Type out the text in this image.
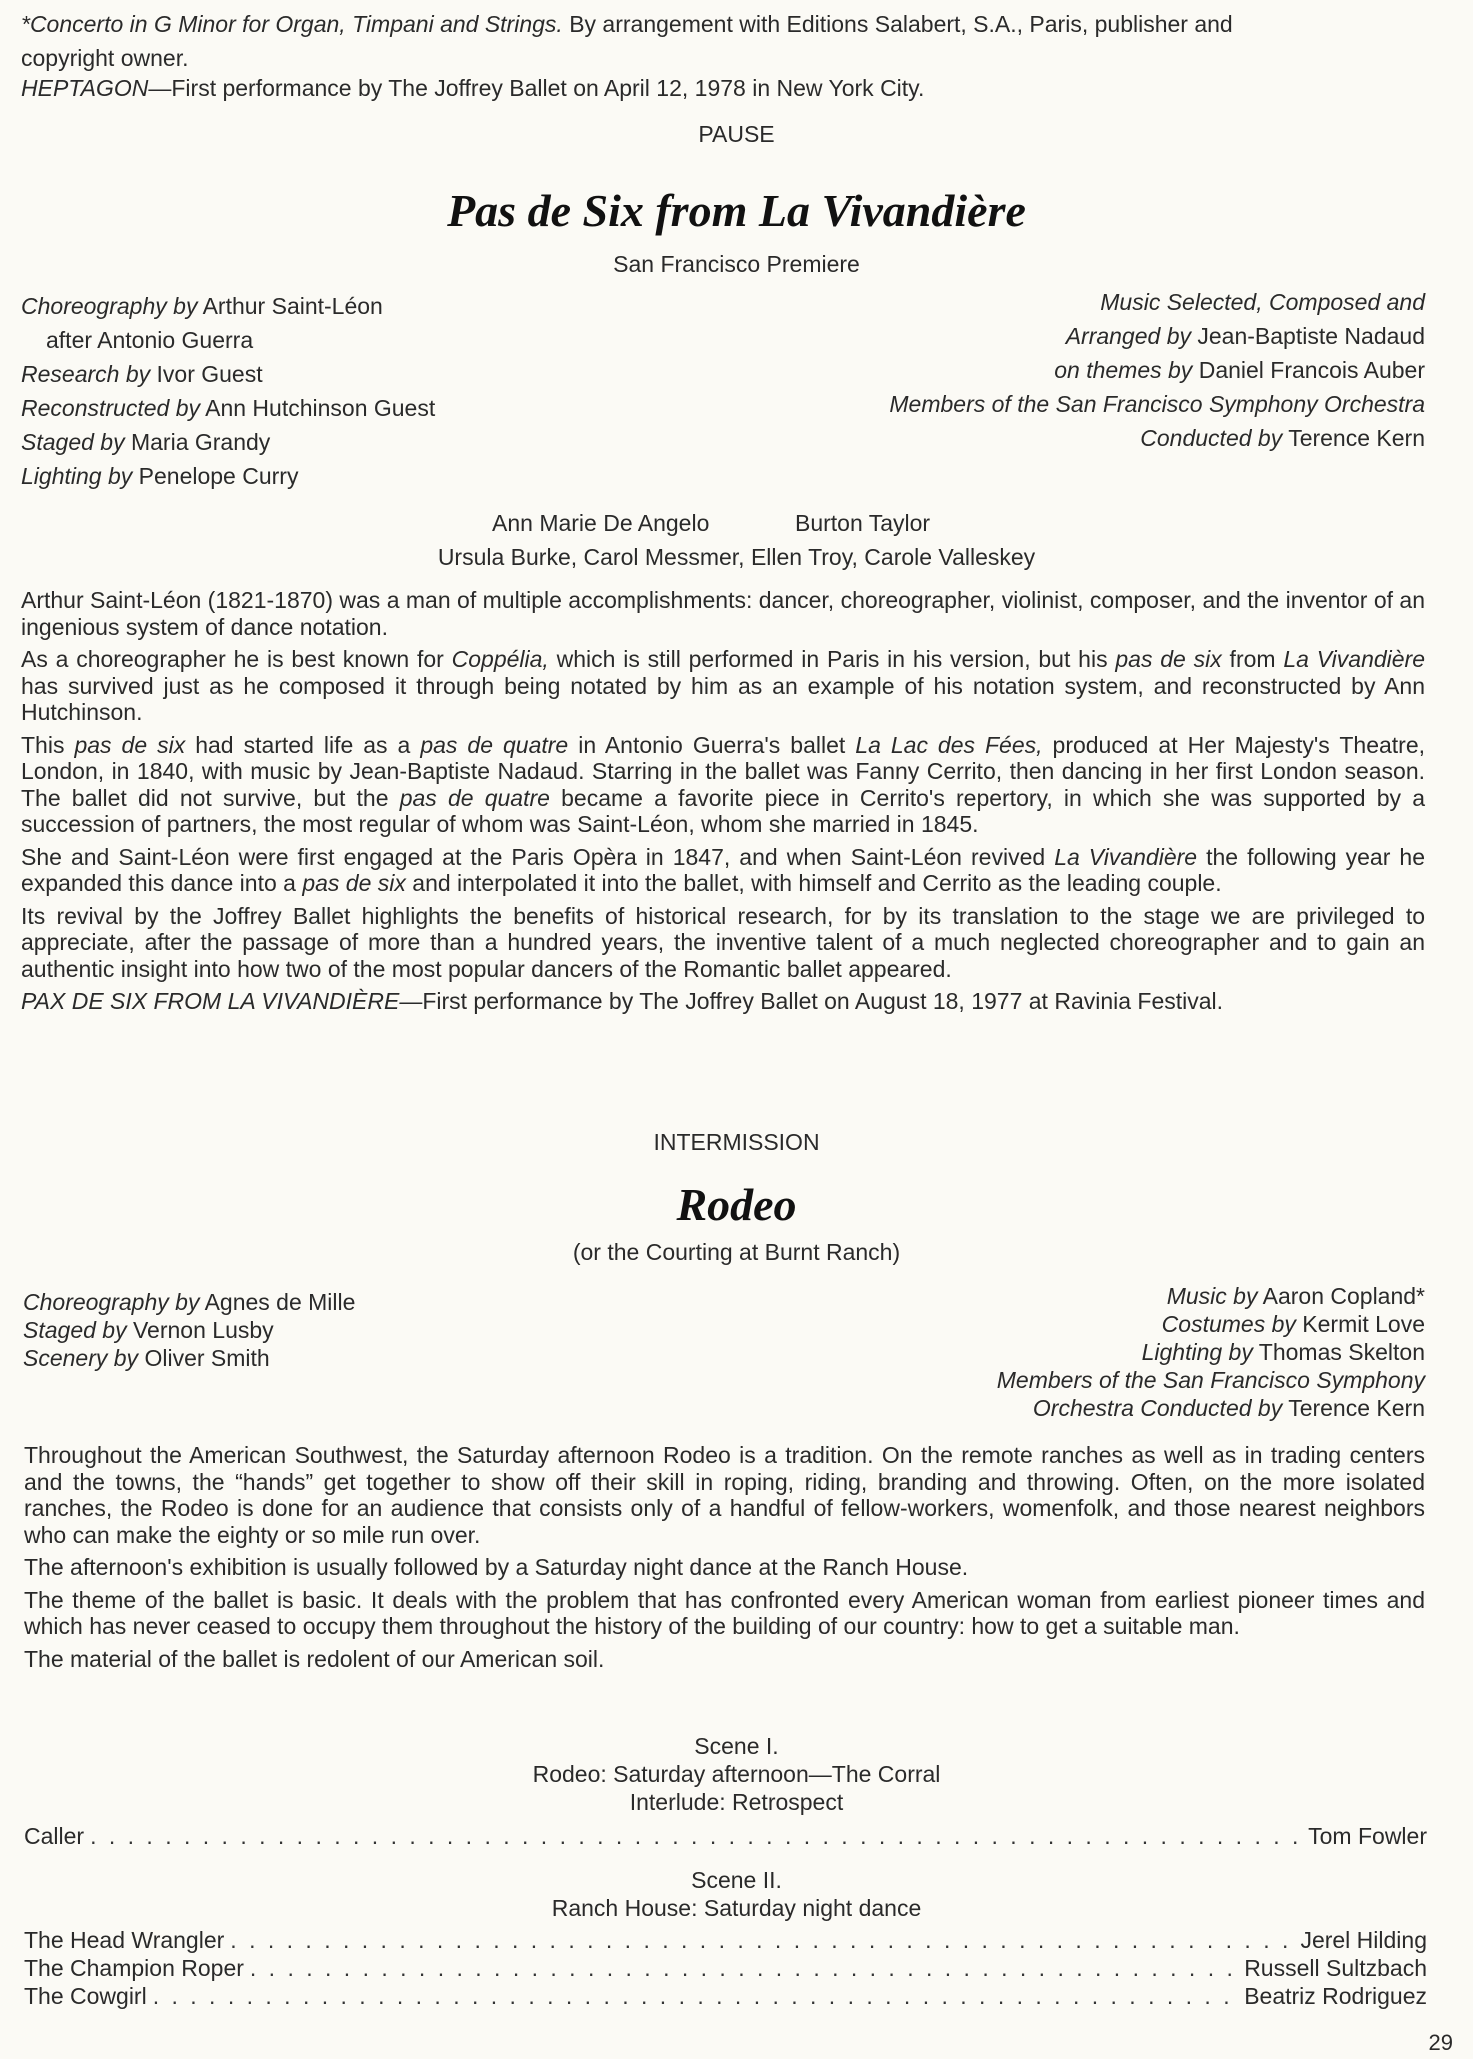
*Concerto in G Minor for Organ, Timpani and Strings. By arrangement with Editions Salabert, S.A., Paris, publisher and
copyright owner.
HEPTAGON—First performance by The Joffrey Ballet on April 12, 1978 in New York City.
PAUSE
Pas de Six from La Vivandière
San Francisco Premiere
Choreography by Arthur Saint-Léon
after Antonio Guerra
Research by Ivor Guest
Reconstructed by Ann Hutchinson Guest
Staged by Maria Grandy
Lighting by Penelope Curry
Music Selected, Composed and
Arranged by Jean-Baptiste Nadaud
on themes by Daniel Francois Auber
Members of the San Francisco Symphony Orchestra
Conducted by Terence Kern
Ann Marie De Angelo	Burton Taylor
Ursula Burke, Carol Messmer, Ellen Troy, Carole Valleskey

Arthur Saint-Léon (1821-1870) was a man of multiple accomplishments: dancer, choreographer, violinist, composer, and the inventor of an ingenious system of dance notation.

As a choreographer he is best known for Coppélia, which is still performed in Paris in his version, but his pas de six from La Vivandière has survived just as he composed it through being notated by him as an example of his notation system, and reconstructed by Ann Hutchinson.

This pas de six had started life as a pas de quatre in Antonio Guerra's ballet La Lac des Fées, produced at Her Majesty's Theatre, London, in 1840, with music by Jean-Baptiste Nadaud. Starring in the ballet was Fanny Cerrito, then dancing in her first London season. The ballet did not survive, but the pas de quatre became a favorite piece in Cerrito's repertory, in which she was supported by a succession of partners, the most regular of whom was Saint-Léon, whom she married in 1845.

She and Saint-Léon were first engaged at the Paris Opèra in 1847, and when Saint-Léon revived La Vivandière the following year he expanded this dance into a pas de six and interpolated it into the ballet, with himself and Cerrito as the leading couple.

Its revival by the Joffrey Ballet highlights the benefits of historical research, for by its translation to the stage we are privileged to appreciate, after the passage of more than a hundred years, the inventive talent of a much neglected choreographer and to gain an authentic insight into how two of the most popular dancers of the Romantic ballet appeared.

PAX DE SIX FROM LA VIVANDIÈRE—First performance by The Joffrey Ballet on August 18, 1977 at Ravinia Festival.

INTERMISSION
Rodeo
(or the Courting at Burnt Ranch)
Choreography by Agnes de Mille
Staged by Vernon Lusby
Scenery by Oliver Smith
Music by Aaron Copland*
Costumes by Kermit Love
Lighting by Thomas Skelton
Members of the San Francisco Symphony
Orchestra Conducted by Terence Kern

Throughout the American Southwest, the Saturday afternoon Rodeo is a tradition. On the remote ranches as well as in trading centers and the towns, the “hands” get together to show off their skill in roping, riding, branding and throwing. Often, on the more isolated ranches, the Rodeo is done for an audience that consists only of a handful of fellow-workers, womenfolk, and those nearest neighbors who can make the eighty or so mile run over.

The afternoon's exhibition is usually followed by a Saturday night dance at the Ranch House.

The theme of the ballet is basic. It deals with the problem that has confronted every American woman from earliest pioneer times and which has never ceased to occupy them throughout the history of the building of our country: how to get a suitable man.

The material of the ballet is redolent of our American soil.

Scene I.
Rodeo: Saturday afternoon—The Corral
Interlude: Retrospect
Caller . . .	Tom Fowler
Scene II.
Ranch House: Saturday night dance
The Head Wrangler . . .	Jerel Hilding
The Champion Roper . . .	Russell Sultzbach
The Cowgirl . . .	Beatriz Rodriguez
29
